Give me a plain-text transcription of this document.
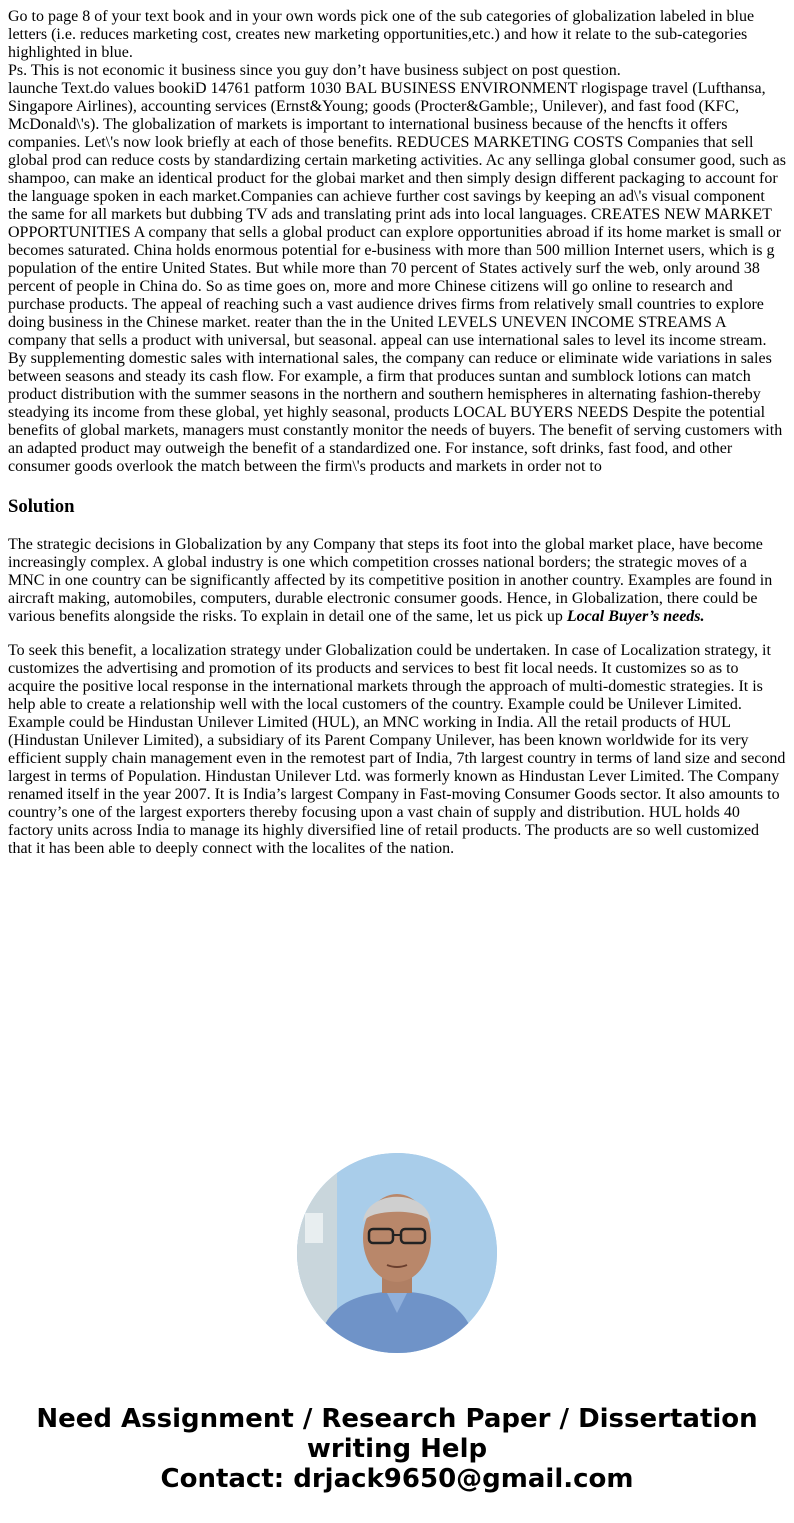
Go to page 8 of your text book and in your own words pick one of the sub categories of globalization labeled in blue letters (i.e. reduces marketing cost, creates new marketing opportunities,etc.) and how it relate to the sub-categories highlighted in blue.
Ps. This is not economic it business since you guy don’t have business subject on post question.
launche Text.do values bookiD 14761 patform 1030 BAL BUSINESS ENVIRONMENT rlogispage travel (Lufthansa, Singapore Airlines), accounting services (Ernst&Young; goods (Procter&Gamble;, Unilever), and fast food (KFC, McDonald\'s). The globalization of markets is important to international business because of the hencfts it offers companies. Let\'s now look briefly at each of those benefits. REDUCES MARKETING COSTS Companies that sell global prod can reduce costs by standardizing certain marketing activities. Ac any sellinga global consumer good, such as shampoo, can make an identical product for the globai market and then simply design different packaging to account for the language spoken in each market.Companies can achieve further cost savings by keeping an ad\'s visual component the same for all markets but dubbing TV ads and translating print ads into local languages. CREATES NEW MARKET OPPORTUNITIES A company that sells a global product can explore opportunities abroad if its home market is small or becomes saturated. China holds enormous potential for e-business with more than 500 million Internet users, which is g population of the entire United States. But while more than 70 percent of States actively surf the web, only around 38 percent of people in China do. So as time goes on, more and more Chinese citizens will go online to research and purchase products. The appeal of reaching such a vast audience drives firms from relatively small countries to explore doing business in the Chinese market. reater than the in the United LEVELS UNEVEN INCOME STREAMS A company that sells a product with universal, but seasonal. appeal can use international sales to level its income stream. By supplementing domestic sales with international sales, the company can reduce or eliminate wide variations in sales between seasons and steady its cash flow. For example, a firm that produces suntan and sumblock lotions can match product distribution with the summer seasons in the northern and southern hemispheres in alternating fashion-thereby steadying its income from these global, yet highly seasonal, products LOCAL BUYERS NEEDS Despite the potential benefits of global markets, managers must constantly monitor the needs of buyers. The benefit of serving customers with an adapted product may outweigh the benefit of a standardized one. For instance, soft drinks, fast food, and other consumer goods overlook the match between the firm\'s products and markets in order not to
Solution

The strategic decisions in Globalization by any Company that steps its foot into the global market place, have become increasingly complex. A global industry is one which competition crosses national borders; the strategic moves of a MNC in one country can be significantly affected by its competitive position in another country. Examples are found in aircraft making, automobiles, computers, durable electronic consumer goods. Hence, in Globalization, there could be various benefits alongside the risks. To explain in detail one of the same, let us pick up Local Buyer’s needs.

To seek this benefit, a localization strategy under Globalization could be undertaken. In case of Localization strategy, it customizes the advertising and promotion of its products and services to best fit local needs. It customizes so as to acquire the positive local response in the international markets through the approach of multi-domestic strategies. It is help able to create a relationship well with the local customers of the country. Example could be Unilever Limited. Example could be Hindustan Unilever Limited (HUL), an MNC working in India. All the retail products of HUL (Hindustan Unilever Limited), a subsidiary of its Parent Company Unilever, has been known worldwide for its very efficient supply chain management even in the remotest part of India, 7th largest country in terms of land size and second largest in terms of Population. Hindustan Unilever Ltd. was formerly known as Hindustan Lever Limited. The Company renamed itself in the year 2007. It is India’s largest Company in Fast-moving Consumer Goods sector. It also amounts to country’s one of the largest exporters thereby focusing upon a vast chain of supply and distribution. HUL holds 40 factory units across India to manage its highly diversified line of retail products. The products are so well customized that it has been able to deeply connect with the localites of the nation.

Need Assignment / Research Paper / Dissertation writing Help
Contact: drjack9650@gmail.com
